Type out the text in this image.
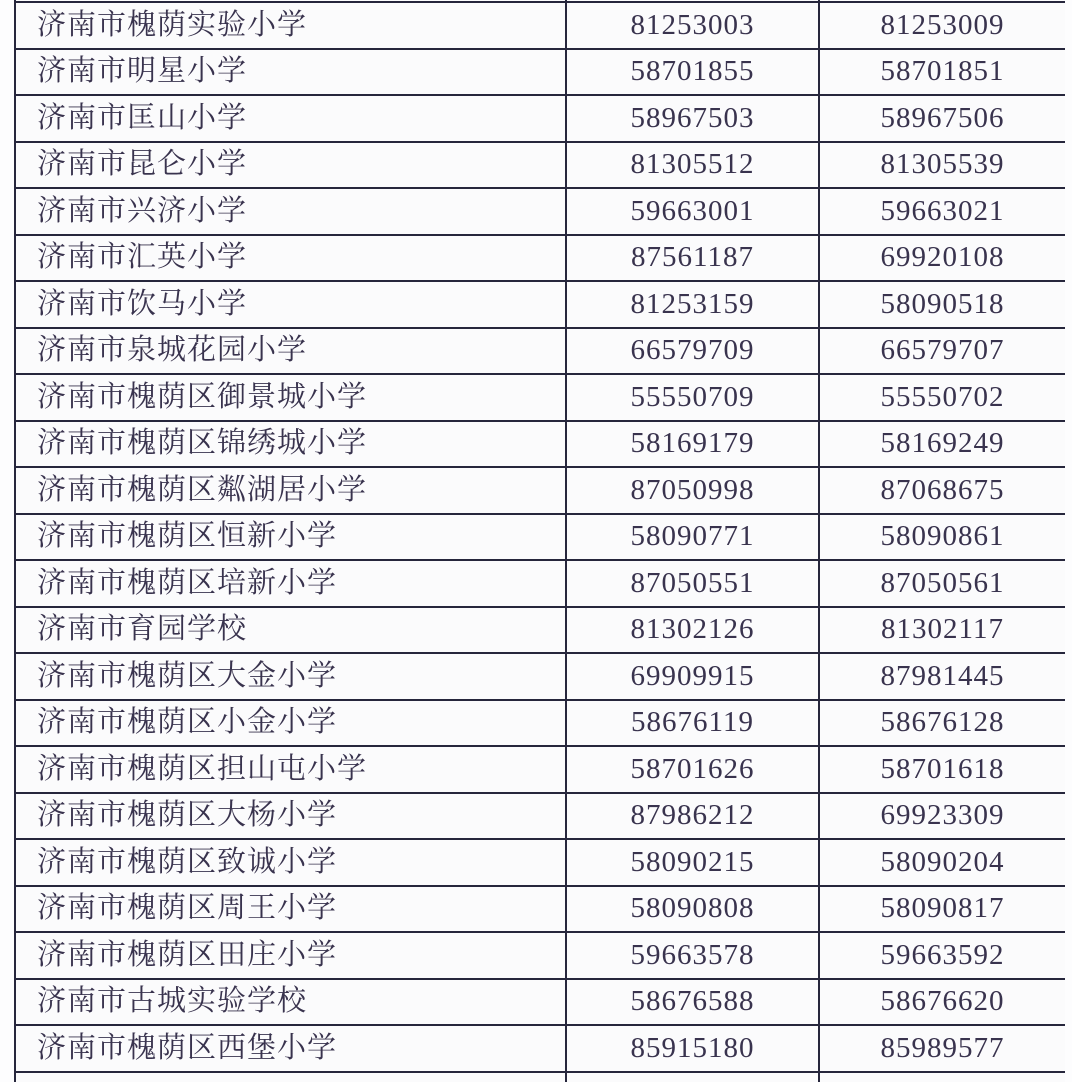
济南市槐荫实验小学	81253003	81253009
济南市明星小学	58701855	58701851
济南市匡山小学	58967503	58967506
济南市昆仑小学	81305512	81305539
济南市兴济小学	59663001	59663021
济南市汇英小学	87561187	69920108
济南市饮马小学	81253159	58090518
济南市泉城花园小学	66579709	66579707
济南市槐荫区御景城小学	55550709	55550702
济南市槐荫区锦绣城小学	58169179	58169249
济南市槐荫区粼湖居小学	87050998	87068675
济南市槐荫区恒新小学	58090771	58090861
济南市槐荫区培新小学	87050551	87050561
济南市育园学校	81302126	81302117
济南市槐荫区大金小学	69909915	87981445
济南市槐荫区小金小学	58676119	58676128
济南市槐荫区担山屯小学	58701626	58701618
济南市槐荫区大杨小学	87986212	69923309
济南市槐荫区致诚小学	58090215	58090204
济南市槐荫区周王小学	58090808	58090817
济南市槐荫区田庄小学	59663578	59663592
济南市古城实验学校	58676588	58676620
济南市槐荫区西堡小学	85915180	85989577
